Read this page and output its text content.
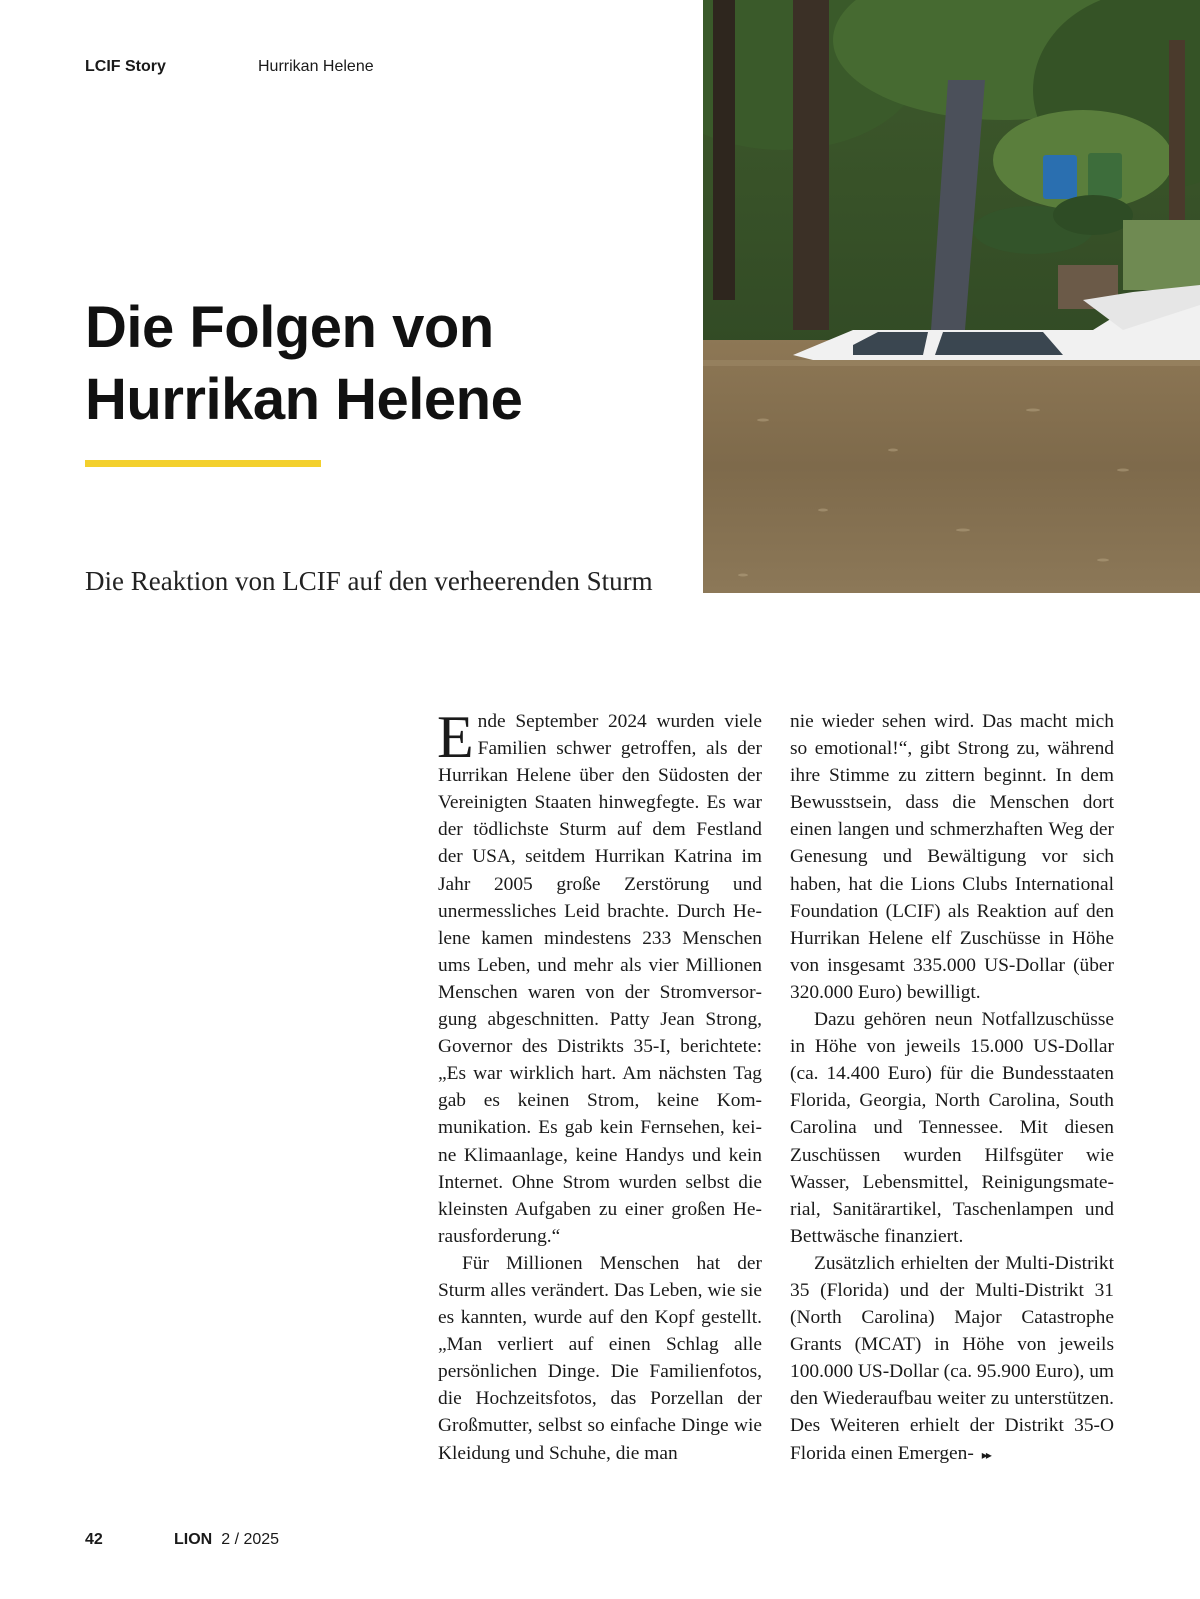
LCIF Story	Hurrikan Helene
Die Folgen von
Hurrikan Helene
Die Reaktion von LCIF auf den verheerenden Sturm

Ende September 2024 wurden viele Familien schwer getroffen, als der Hurrikan Helene über den Südosten der Vereinigten Staaten hinwegfegte. Es war der tödlichste Sturm auf dem Festland der USA, seitdem Hurrikan Katrina im Jahr 2005 große Zerstörung und unermessliches Leid brachte. Durch Helene kamen mindestens 233 Menschen ums Leben, und mehr als vier Millionen Menschen waren von der Stromversorgung abgeschnitten. Patty Jean Strong, Governor des Distrikts 35-I, berichtete: „Es war wirklich hart. Am nächsten Tag gab es keinen Strom, keine Kommunikation. Es gab kein Fernsehen, keine Klimaanlage, keine Handys und kein Internet. Ohne Strom wurden selbst die kleinsten Aufgaben zu einer großen Herausforderung.“

Für Millionen Menschen hat der Sturm alles verändert. Das Leben, wie sie es kannten, wurde auf den Kopf gestellt. „Man verliert auf einen Schlag alle persönlichen Dinge. Die Familienfotos, die Hochzeitsfotos, das Porzellan der Großmutter, selbst so einfache Dinge wie Kleidung und Schuhe, die man

nie wieder sehen wird. Das macht mich so emotional!“, gibt Strong zu, während ihre Stimme zu zittern beginnt. In dem Bewusstsein, dass die Menschen dort einen langen und schmerzhaften Weg der Genesung und Bewältigung vor sich haben, hat die Lions Clubs International Foundation (LCIF) als Reaktion auf den Hurrikan Helene elf Zuschüsse in Höhe von insgesamt 335.000 US-Dollar (über 320.000 Euro) bewilligt.

Dazu gehören neun Notfallzuschüsse in Höhe von jeweils 15.000 US-Dollar (ca. 14.400 Euro) für die Bundesstaaten Florida, Georgia, North Carolina, South Carolina und Tennessee. Mit diesen Zuschüssen wurden Hilfsgüter wie Wasser, Lebensmittel, Reinigungsmaterial, Sanitärartikel, Taschenlampen und Bettwäsche finanziert.

Zusätzlich erhielten der Multi-Distrikt 35 (Florida) und der Multi-Distrikt 31 (North Carolina) Major Catastrophe Grants (MCAT) in Höhe von jeweils 100.000 US-Dollar (ca. 95.900 Euro), um den Wiederaufbau weiter zu unterstützen. Des Weiteren erhielt der Distrikt 35-O Florida einen Emergen- ▸▸

42	LION 2 / 2025
